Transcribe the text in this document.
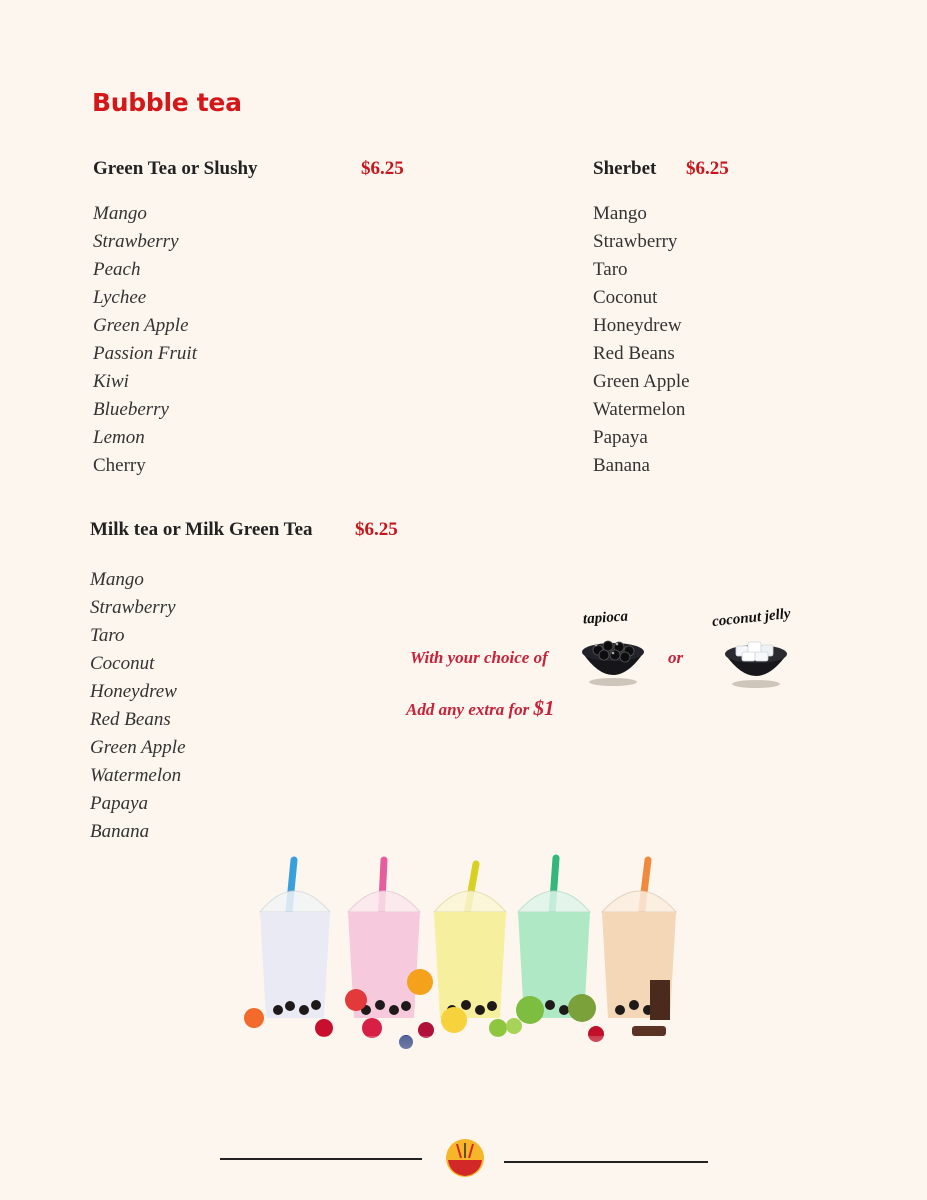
Bubble tea
Green Tea or Slushy	$6.25
Mango
Strawberry
Peach
Lychee
Green Apple
Passion Fruit
Kiwi
Blueberry
Lemon
Cherry
Sherbet $6.25
Mango
Strawberry
Taro
Coconut
Honeydrew
Red Beans
Green Apple
Watermelon
Papaya
Banana
Milk tea or Milk Green Tea $6.25
Mango
Strawberry
Taro
Coconut
Honeydrew
Red Beans
Green Apple
Watermelon
Papaya
Banana
With your choice of	or
Add any extra for $1
tapioca	coconut jelly
